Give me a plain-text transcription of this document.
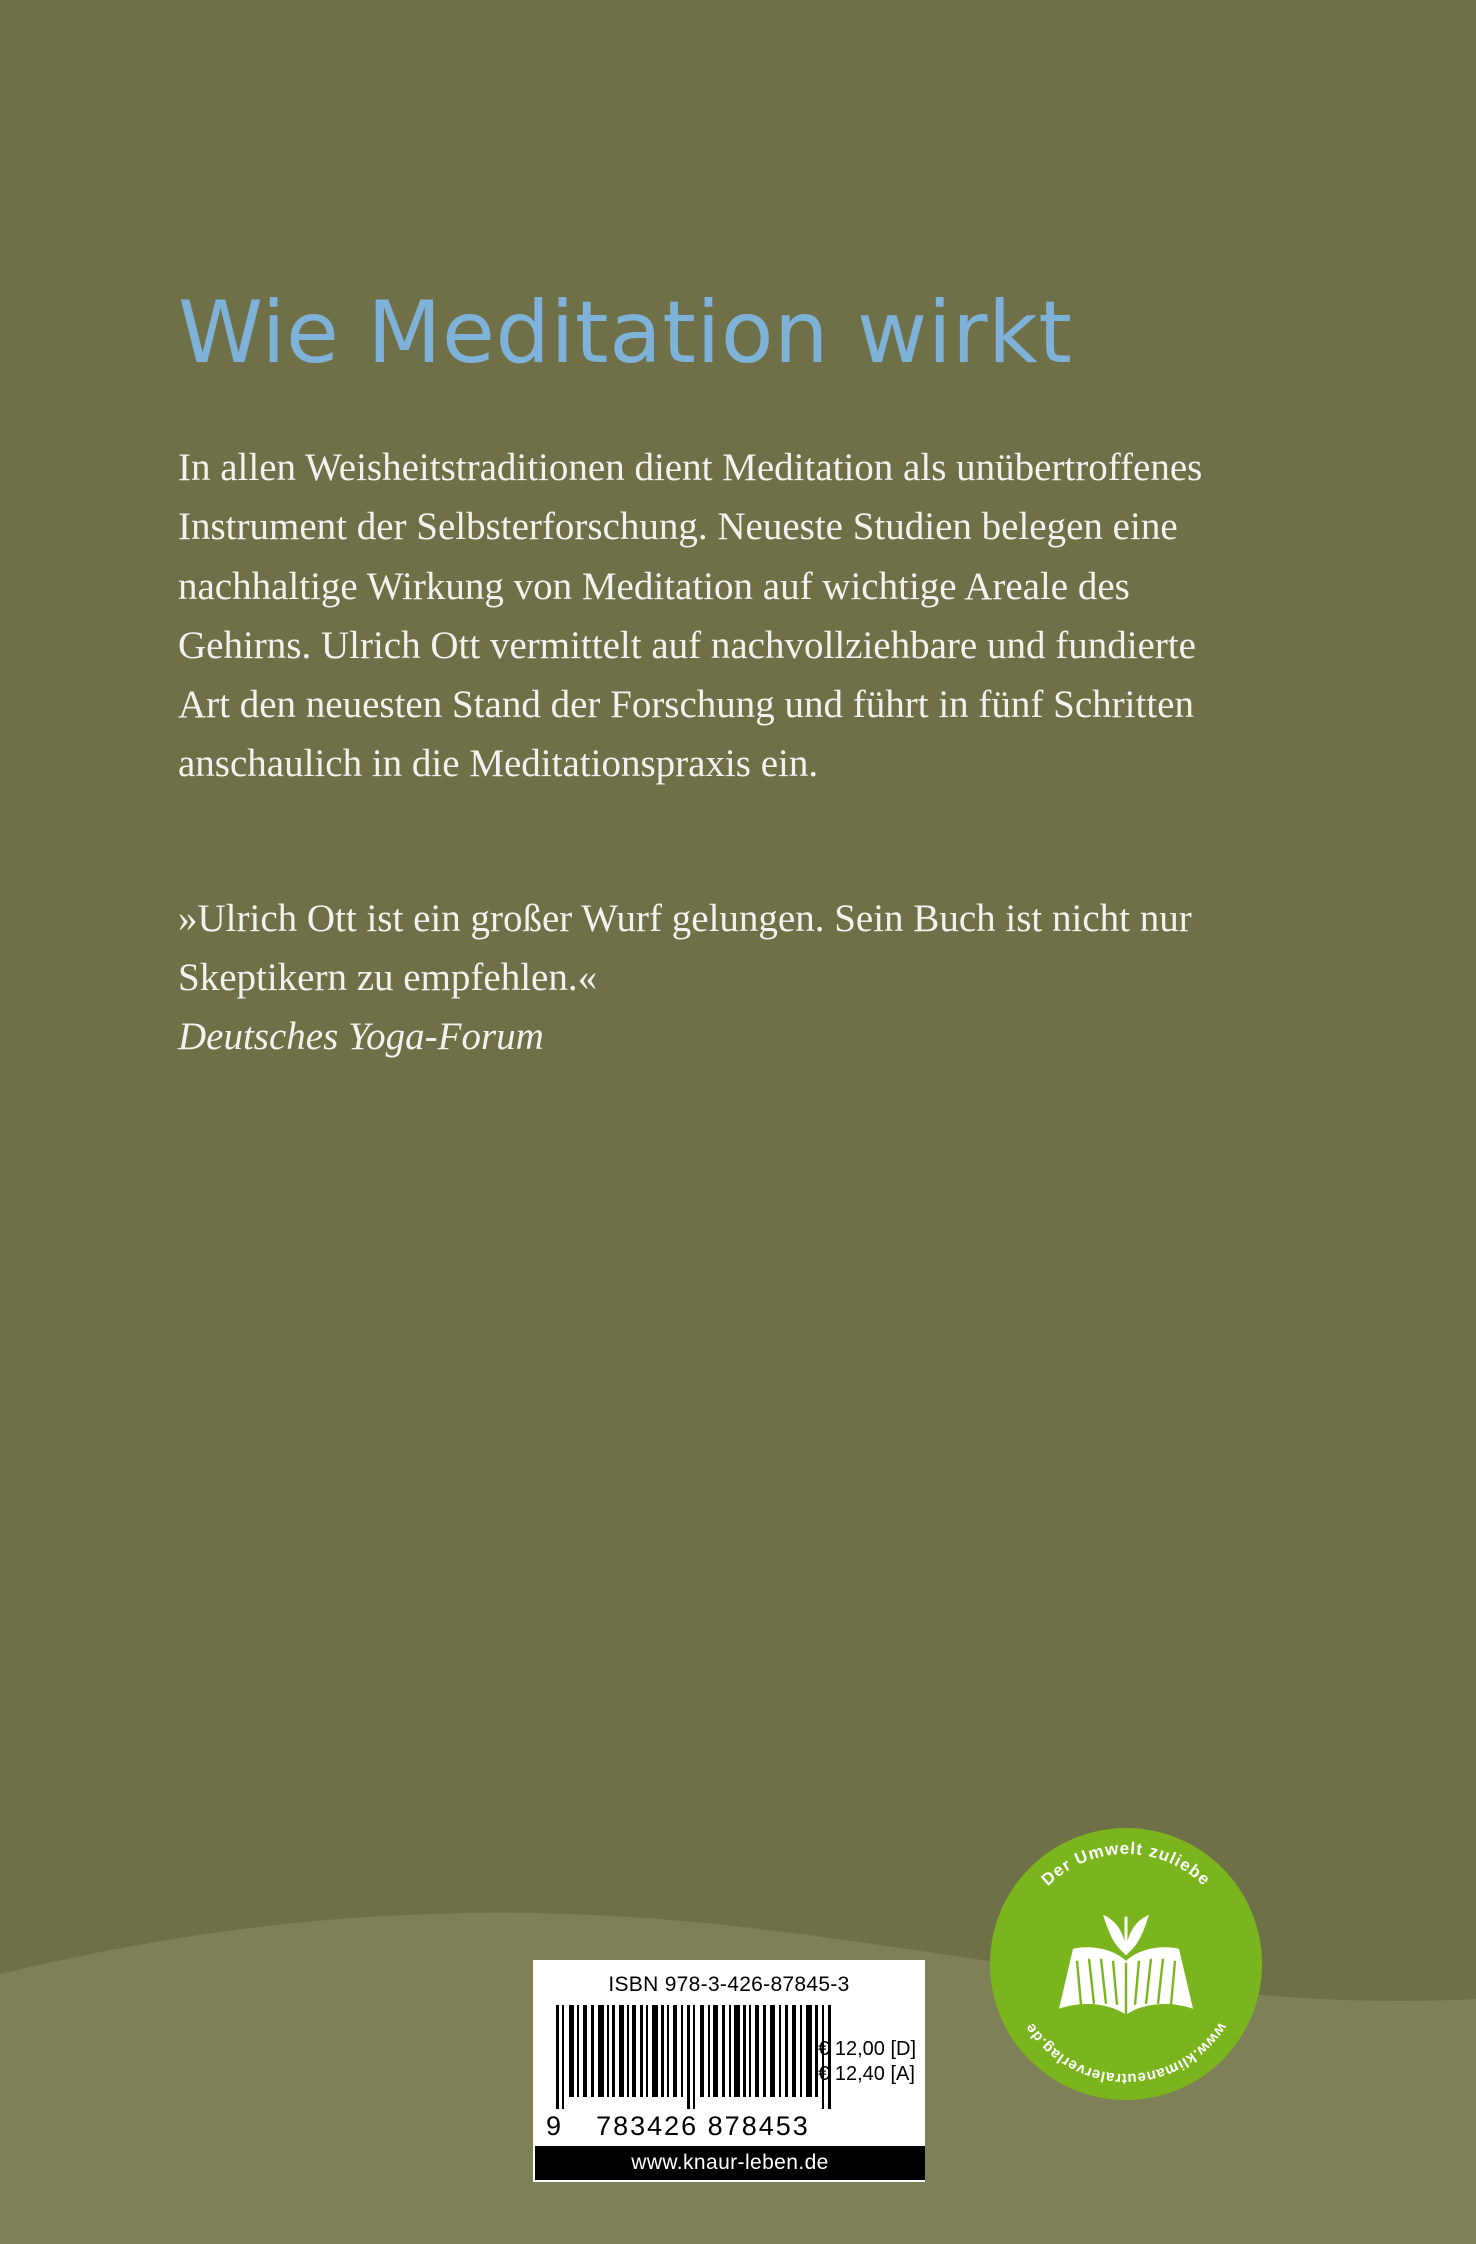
Wie Meditation wirkt

In allen Weisheitstraditionen dient Meditation als unübertroffenes Instrument der Selbsterforschung. Neueste Studien belegen eine nachhaltige Wirkung von Meditation auf wichtige Areale des Gehirns. Ulrich Ott vermittelt auf nachvollziehbare und fundierte Art den neuesten Stand der Forschung und führt in fünf Schritten anschaulich in die Meditationspraxis ein.

»Ulrich Ott ist ein großer Wurf gelungen. Sein Buch ist nicht nur Skeptikern zu empfehlen.«

Deutsches Yoga-Forum

ISBN 978-3-426-87845-3
9 783426 878453
€ 12,00 [D]
€ 12,40 [A]
www.knaur-leben.de
Der Umwelt zuliebe
www.klimaneutralerverlag.de
